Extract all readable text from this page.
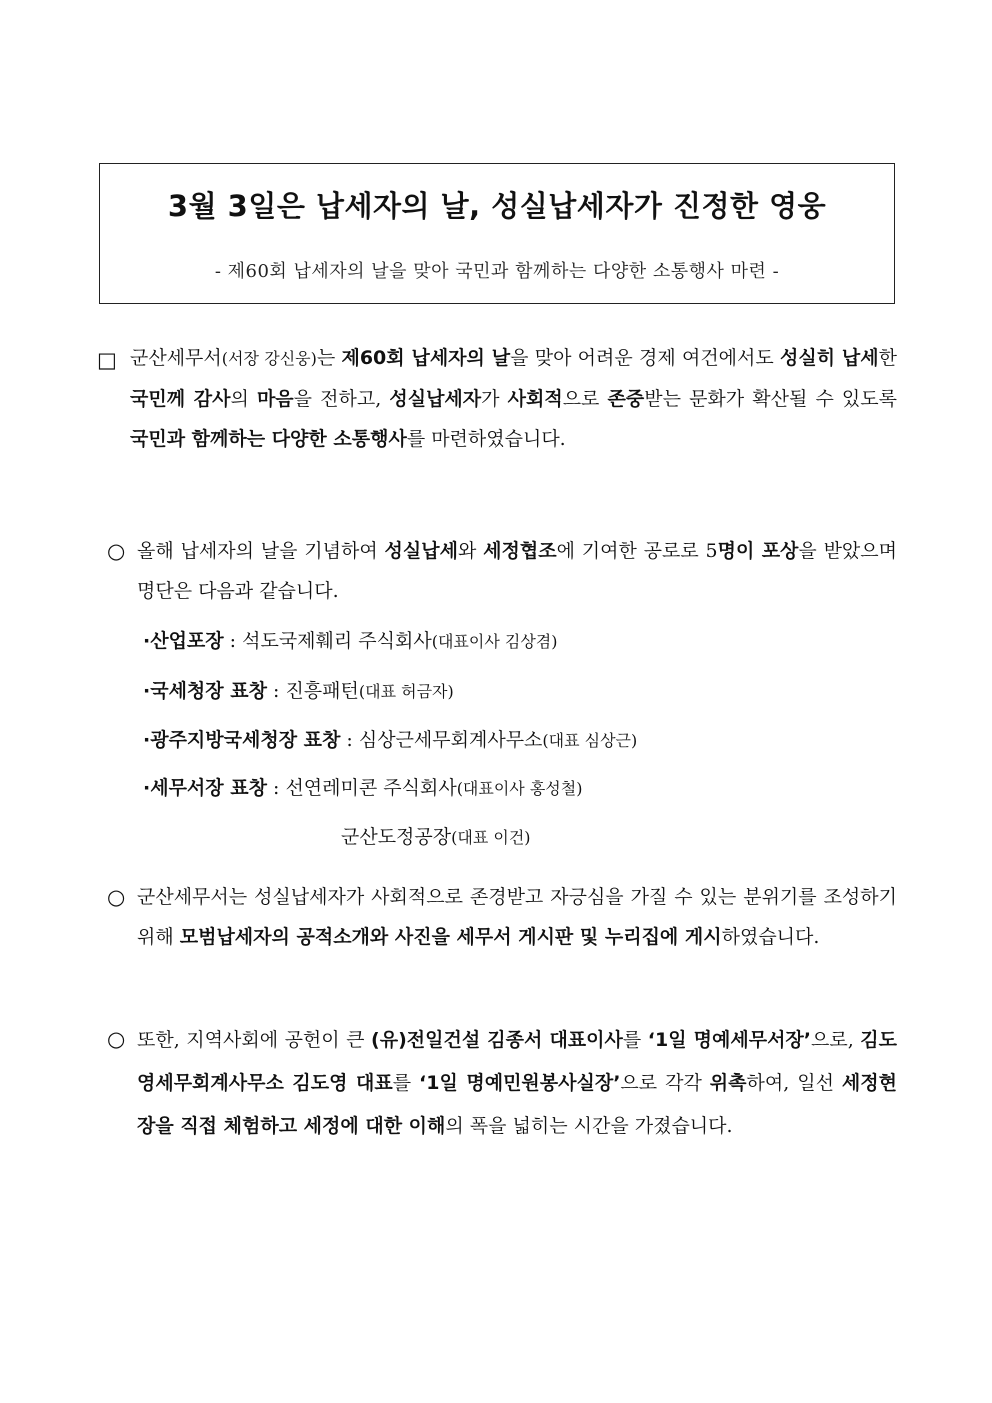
3월 3일은 납세자의 날, 성실납세자가 진정한 영웅
- 제60회 납세자의 날을 맞아 국민과 함께하는 다양한 소통행사 마련 -
□ 군산세무서(서장 강신웅)는 제60회 납세자의 날을 맞아 어려운 경제 여건에서도 성실히 납세한 국민께 감사의 마음을 전하고, 성실납세자가 사회적으로 존중받는 문화가 확산될 수 있도록 국민과 함께하는 다양한 소통행사를 마련하였습니다.
○ 올해 납세자의 날을 기념하여 성실납세와 세정협조에 기여한 공로로 5명이 포상을 받았으며 명단은 다음과 같습니다.
·산업포장 : 석도국제훼리 주식회사(대표이사 김상겸)
·국세청장 표창 : 진흥패턴(대표 허금자)
·광주지방국세청장 표창 : 심상근세무회계사무소(대표 심상근)
·세무서장 표창 : 선연레미콘 주식회사(대표이사 홍성철)
군산도정공장(대표 이건)
○ 군산세무서는 성실납세자가 사회적으로 존경받고 자긍심을 가질 수 있는 분위기를 조성하기 위해 모범납세자의 공적소개와 사진을 세무서 게시판 및 누리집에 게시하였습니다.
○ 또한, 지역사회에 공헌이 큰 (유)전일건설 김종서 대표이사를 ‘1일 명예세무서장’으로, 김도영세무회계사무소 김도영 대표를 ‘1일 명예민원봉사실장’으로 각각 위촉하여, 일선 세정현장을 직접 체험하고 세정에 대한 이해의 폭을 넓히는 시간을 가졌습니다.
